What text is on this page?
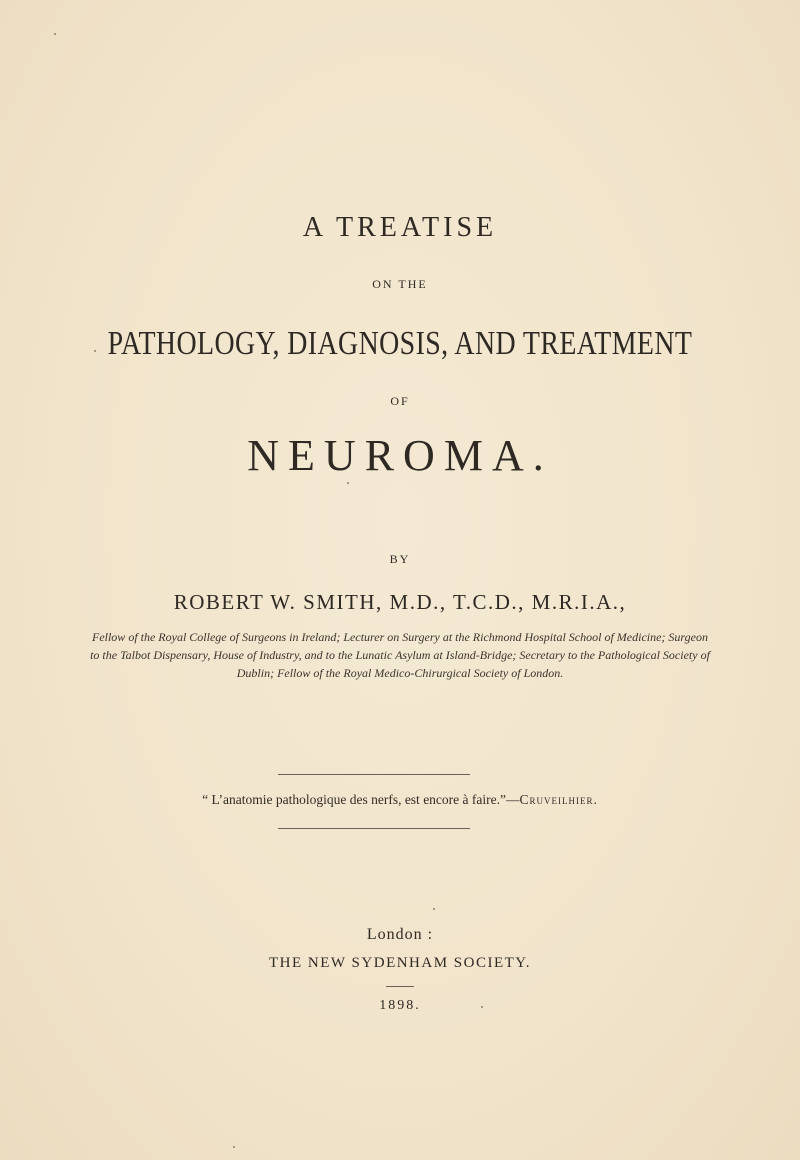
A TREATISE
ON THE
PATHOLOGY, DIAGNOSIS, AND TREATMENT
OF
NEUROMA.
BY
ROBERT W. SMITH, M.D., T.C.D., M.R.I.A.,
Fellow of the Royal College of Surgeons in Ireland; Lecturer on Surgery at the Richmond Hospital School of Medicine; Surgeon to the Talbot Dispensary, House of Industry, and to the Lunatic Asylum at Island-Bridge; Secretary to the Pathological Society of Dublin; Fellow of the Royal Medico-Chirurgical Society of London.
“ L’anatomie pathologique des nerfs, est encore à faire.”—Cruveilhier.
London :
THE NEW SYDENHAM SOCIETY.
1898.
